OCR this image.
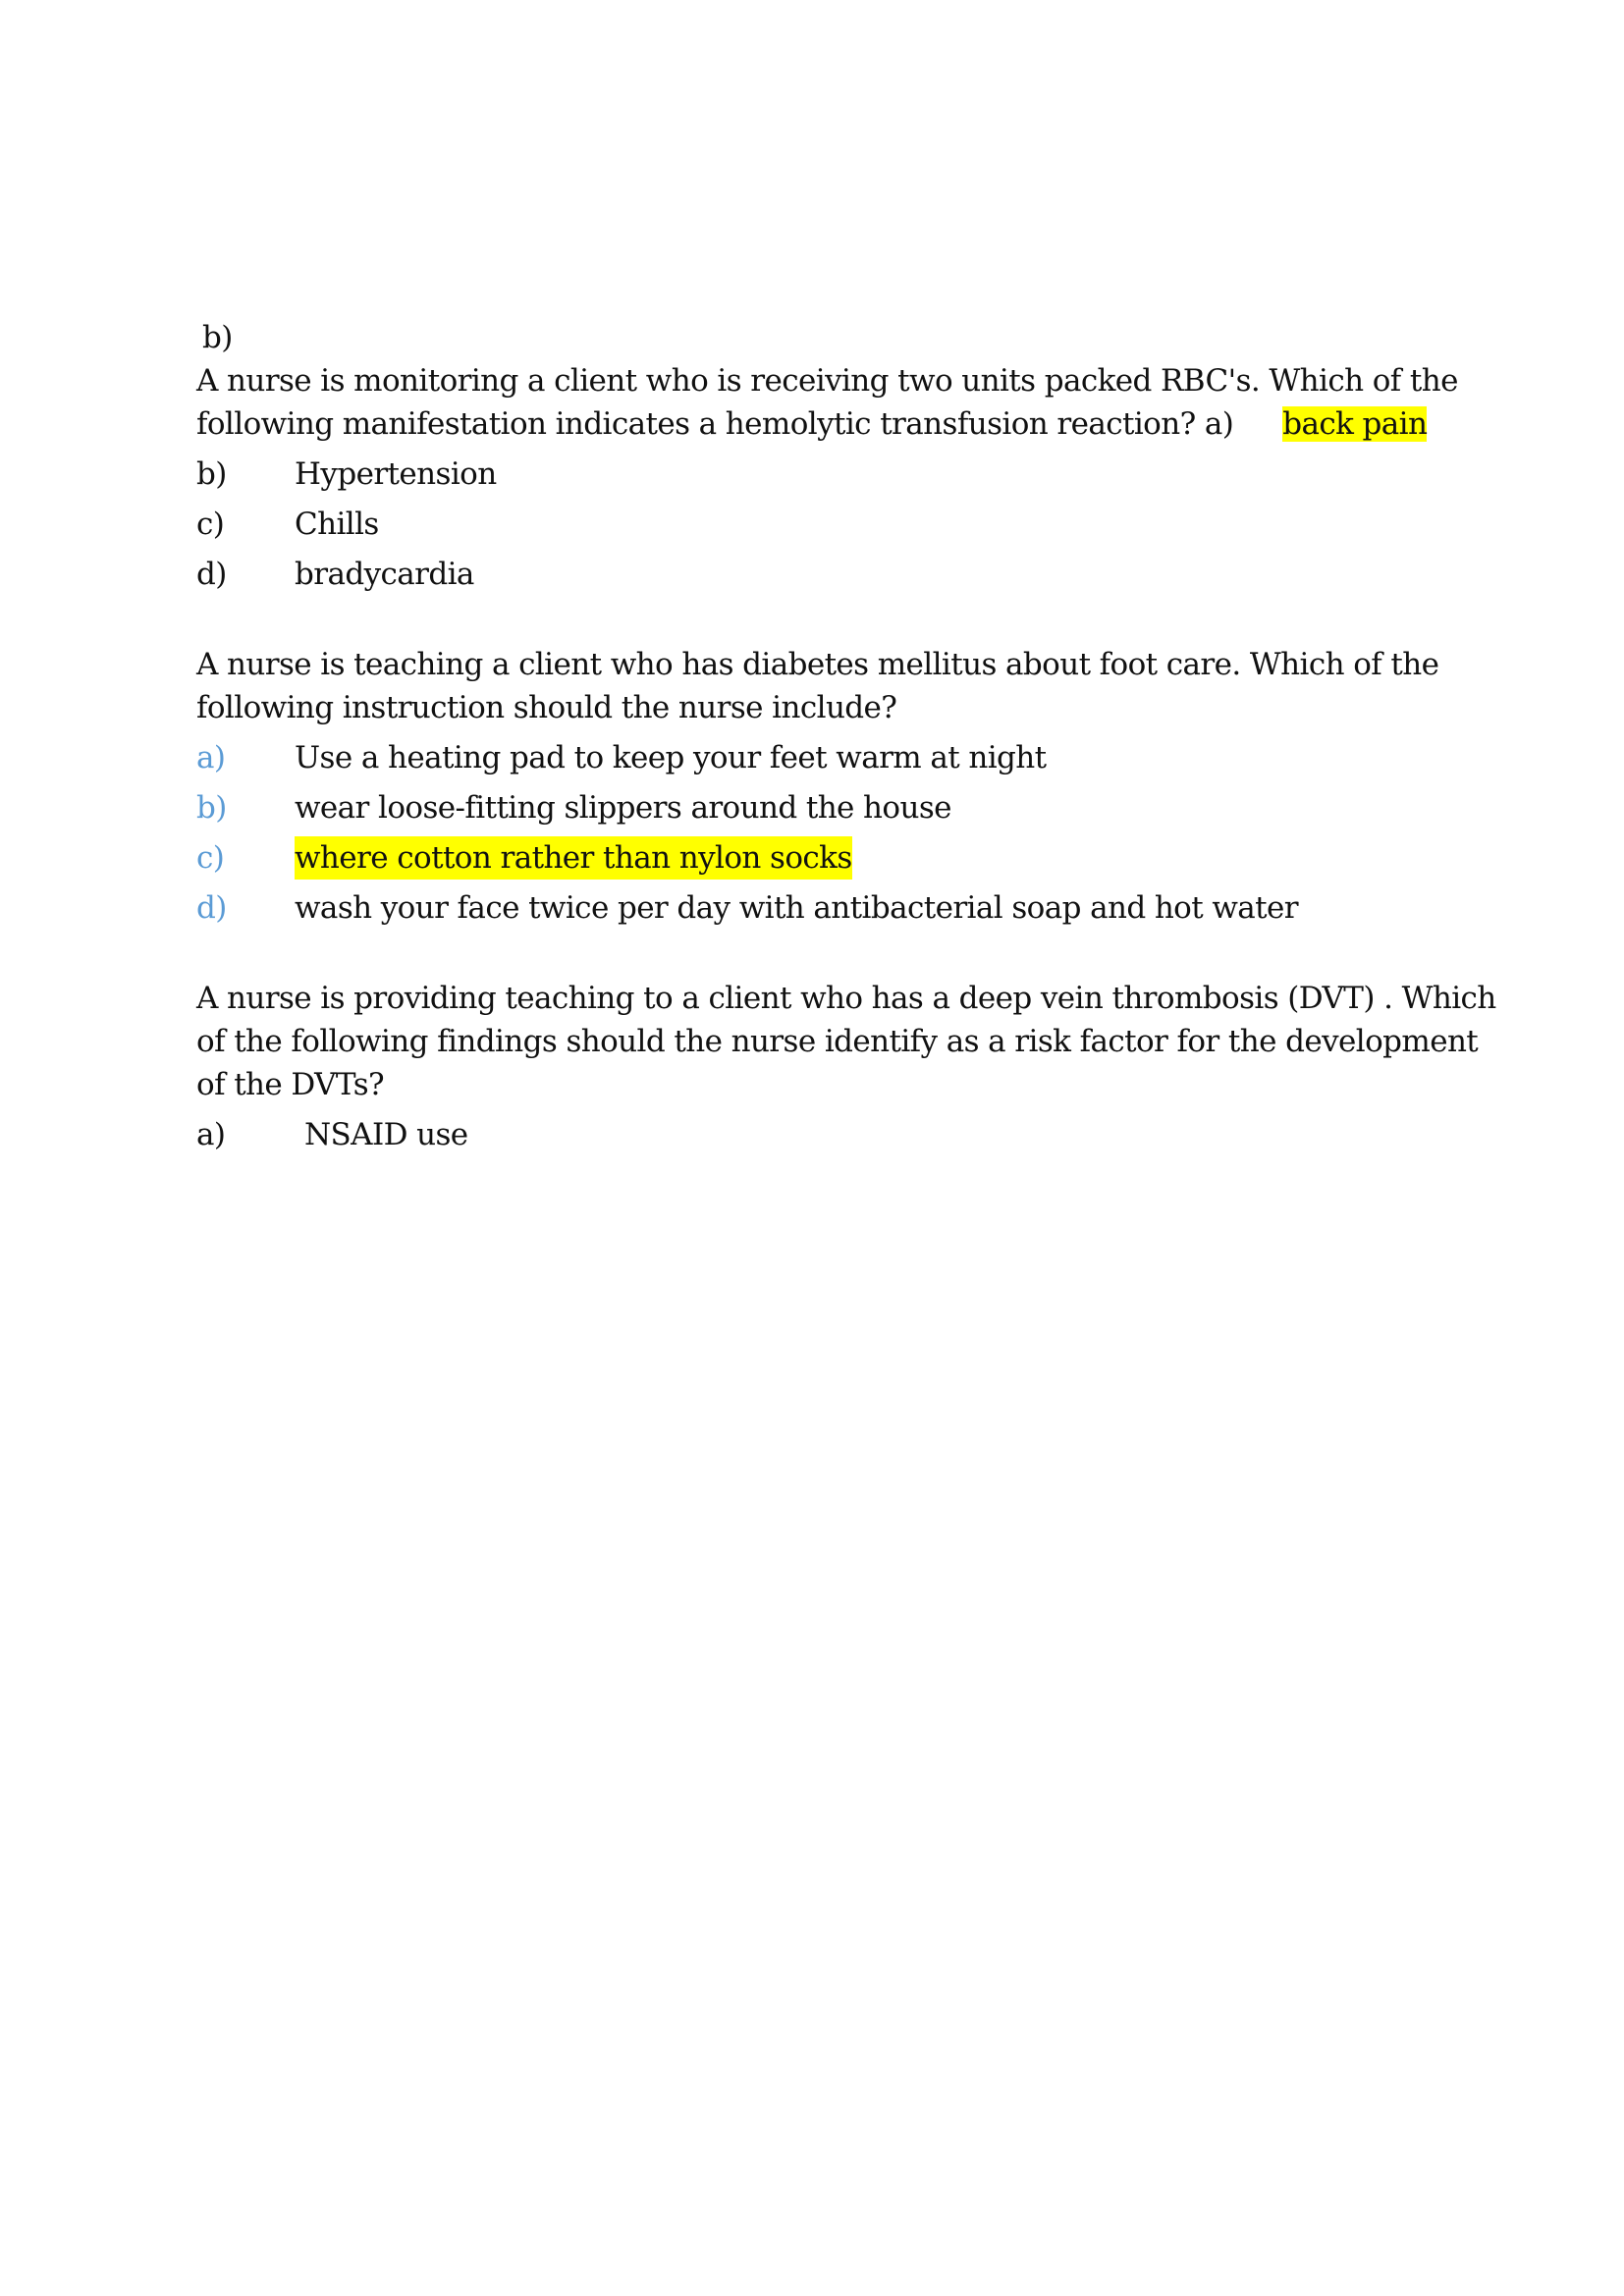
b)

A nurse is monitoring a client who is receiving two units packed RBC's. Which of the following manifestation indicates a hemolytic transfusion reaction? a) back pain

b)	Hypertension
c)	Chills
d)	bradycardia

A nurse is teaching a client who has diabetes mellitus about foot care. Which of the following instruction should the nurse include?

a)	Use a heating pad to keep your feet warm at night
b)	wear loose-fitting slippers around the house
c)	where cotton rather than nylon socks
d)	wash your face twice per day with antibacterial soap and hot water

A nurse is providing teaching to a client who has a deep vein thrombosis (DVT) . Which of the following findings should the nurse identify as a risk factor for the development of the DVTs?

a)	NSAID use
